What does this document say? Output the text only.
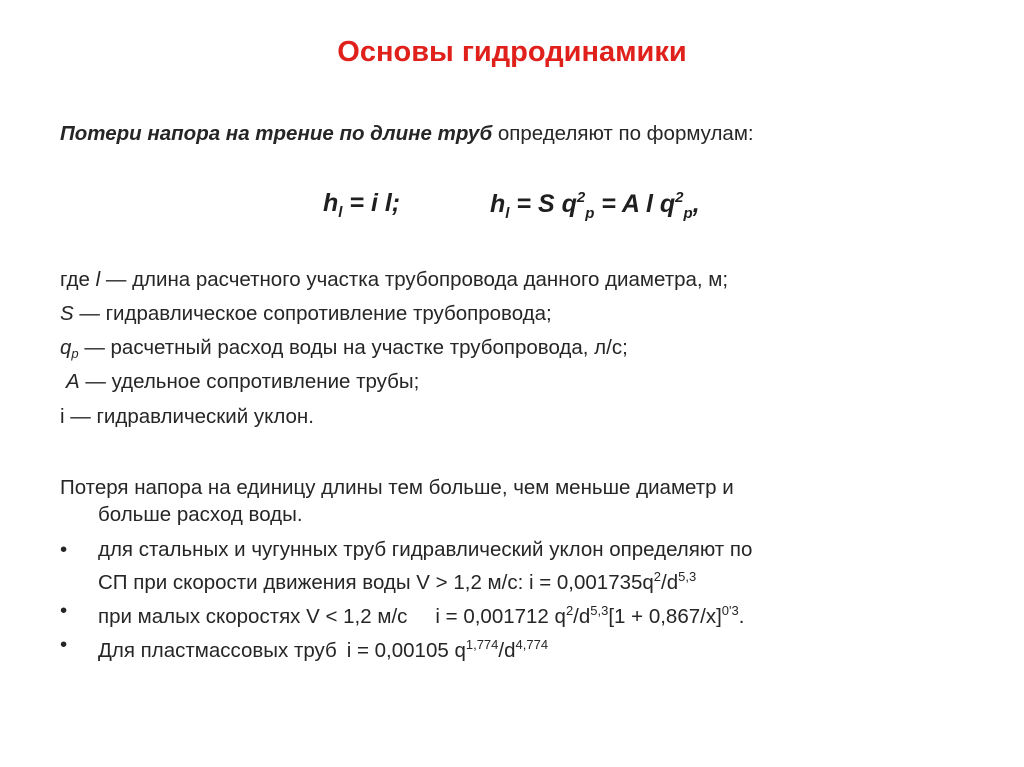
Основы гидродинамики
Потери напора на трение по длине труб определяют по формулам:
$h_l = i$ l;	$h_l = S$ $q^2_p = A$ l $q^2_p$,
где l — длина расчетного участка трубопровода данного диаметра, м;
S — гидравлическое сопротивление трубопровода;
$q_p$ — расчетный расход воды на участке трубопровода, л/с;
A — удельное сопротивление трубы;
i — гидравлический уклон.
Потеря напора на единицу длины тем больше, чем меньше диаметр и
больше расход воды.
•	для стальных и чугунных труб гидравлический уклон определяют по
СП при скорости движения воды V > 1,2 м/с: $i = 0,001735q^2/d^{5,3}$
•	при малых скоростях V < 1,2 м/с i = 0,001712 $q^2/d^{5,3}[1 + 0,867/x]^{0'3}$.
•	Для пластмассовых труб i = 0,00105 $q^{1,774}/d^{4,774}$
